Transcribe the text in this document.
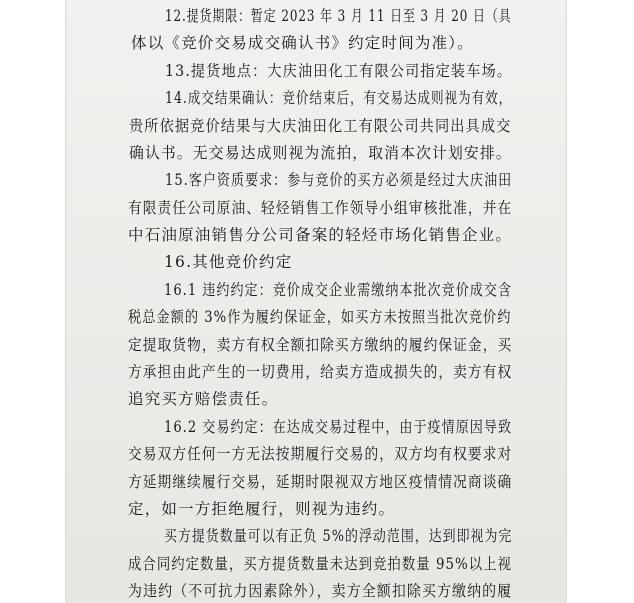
12.提货期限：暂定 2023 年 3 月 11 日至 3 月 20 日（具
体以《竞价交易成交确认书》约定时间为准）。
13.提货地点：大庆油田化工有限公司指定装车场。
14.成交结果确认：竞价结束后，有交易达成则视为有效，
贵所依据竞价结果与大庆油田化工有限公司共同出具成交
确认书。无交易达成则视为流拍，取消本次计划安排。
15.客户资质要求：参与竞价的买方必须是经过大庆油田
有限责任公司原油、轻烃销售工作领导小组审核批准，并在
中石油原油销售分公司备案的轻烃市场化销售企业。
16.其他竞价约定
16.1 违约约定：竞价成交企业需缴纳本批次竞价成交含
税总金额的 3%作为履约保证金，如买方未按照当批次竞价约
定提取货物，卖方有权全额扣除买方缴纳的履约保证金，买
方承担由此产生的一切费用，给卖方造成损失的，卖方有权
追究买方赔偿责任。
16.2 交易约定：在达成交易过程中，由于疫情原因导致
交易双方任何一方无法按期履行交易的，双方均有权要求对
方延期继续履行交易，延期时限视双方地区疫情情况商谈确
定，如一方拒绝履行，则视为违约。
买方提货数量可以有正负 5%的浮动范围，达到即视为完
成合同约定数量，买方提货数量未达到竞拍数量 95%以上视
为违约（不可抗力因素除外），卖方全额扣除买方缴纳的履
